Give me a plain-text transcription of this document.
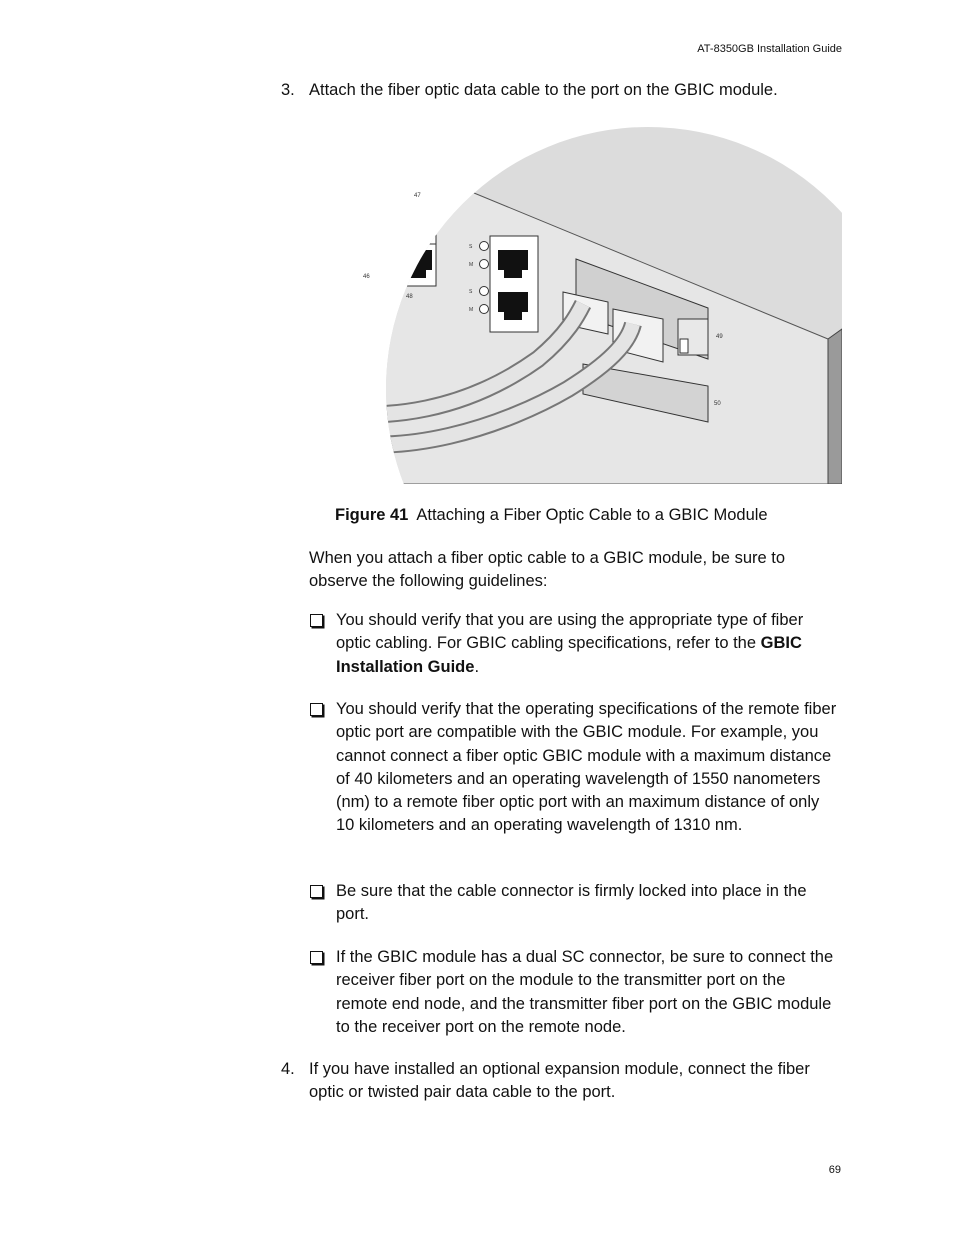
AT-8350GB Installation Guide
3. Attach the fiber optic data cable to the port on the GBIC module.
47
46
48
49
50
S
M
S
M
Figure 41 Attaching a Fiber Optic Cable to a GBIC Module
When you attach a fiber optic cable to a GBIC module, be sure to observe the following guidelines:
You should verify that you are using the appropriate type of fiber optic cabling. For GBIC cabling specifications, refer to the GBIC Installation Guide.
You should verify that the operating specifications of the remote fiber optic port are compatible with the GBIC module. For example, you cannot connect a fiber optic GBIC module with a maximum distance of 40 kilometers and an operating wavelength of 1550 nanometers (nm) to a remote fiber optic port with an maximum distance of only 10 kilometers and an operating wavelength of 1310 nm.
Be sure that the cable connector is firmly locked into place in the port.
If the GBIC module has a dual SC connector, be sure to connect the receiver fiber port on the module to the transmitter port on the remote end node, and the transmitter fiber port on the GBIC module to the receiver port on the remote node.
4. If you have installed an optional expansion module, connect the fiber optic or twisted pair data cable to the port.
69
